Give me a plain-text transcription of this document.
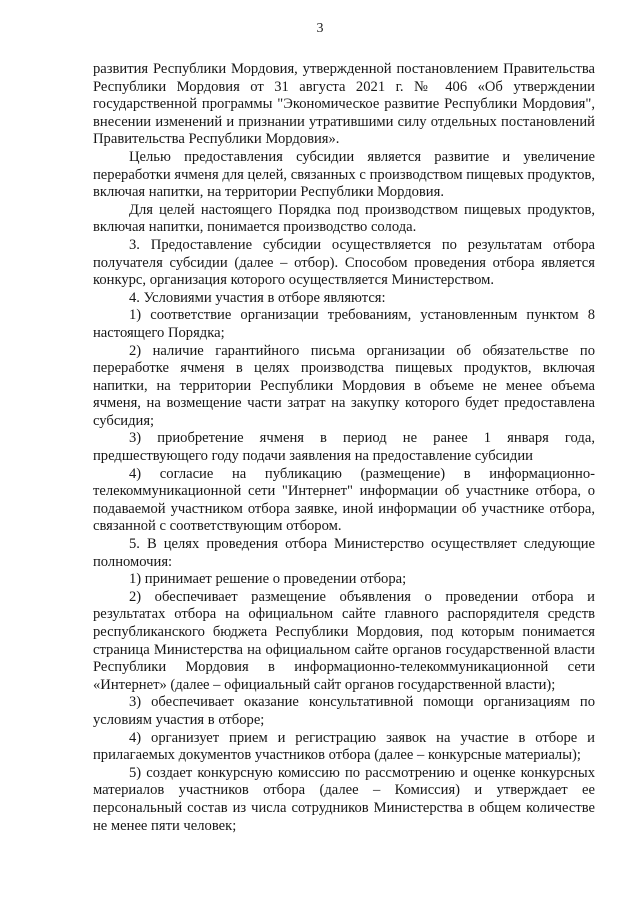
3

развития Республики Мордовия, утвержденной постановлением Правительства Республики Мордовия от 31 августа 2021 г. № 406 «Об утверждении государственной программы "Экономическое развитие Республики Мордовия", внесении изменений и признании утратившими силу отдельных постановлений Правительства Республики Мордовия».

Целью предоставления субсидии является развитие и увеличение переработки ячменя для целей, связанных с производством пищевых продуктов, включая напитки, на территории Республики Мордовия.

Для целей настоящего Порядка под производством пищевых продуктов, включая напитки, понимается производство солода.

3. Предоставление субсидии осуществляется по результатам отбора получателя субсидии (далее – отбор). Способом проведения отбора является конкурс, организация которого осуществляется Министерством.

4. Условиями участия в отборе являются:

1) соответствие организации требованиям, установленным пунктом 8 настоящего Порядка;

2) наличие гарантийного письма организации об обязательстве по переработке ячменя в целях производства пищевых продуктов, включая напитки, на территории Республики Мордовия в объеме не менее объема ячменя, на возмещение части затрат на закупку которого будет предоставлена субсидия;

3) приобретение ячменя в период не ранее 1 января года, предшествующего году подачи заявления на предоставление субсидии

4) согласие на публикацию (размещение) в информационно-телекоммуникационной сети "Интернет" информации об участнике отбора, о подаваемой участником отбора заявке, иной информации об участнике отбора, связанной с соответствующим отбором.

5. В целях проведения отбора Министерство осуществляет следующие полномочия:

1) принимает решение о проведении отбора;

2) обеспечивает размещение объявления о проведении отбора и результатах отбора на официальном сайте главного распорядителя средств республиканского бюджета Республики Мордовия, под которым понимается страница Министерства на официальном сайте органов государственной власти Республики Мордовия в информационно-телекоммуникационной сети «Интернет» (далее – официальный сайт органов государственной власти);

3) обеспечивает оказание консультативной помощи организациям по условиям участия в отборе;

4) организует прием и регистрацию заявок на участие в отборе и прилагаемых документов участников отбора (далее – конкурсные материалы);

5) создает конкурсную комиссию по рассмотрению и оценке конкурсных материалов участников отбора (далее – Комиссия) и утверждает ее персональный состав из числа сотрудников Министерства в общем количестве не менее пяти человек;
